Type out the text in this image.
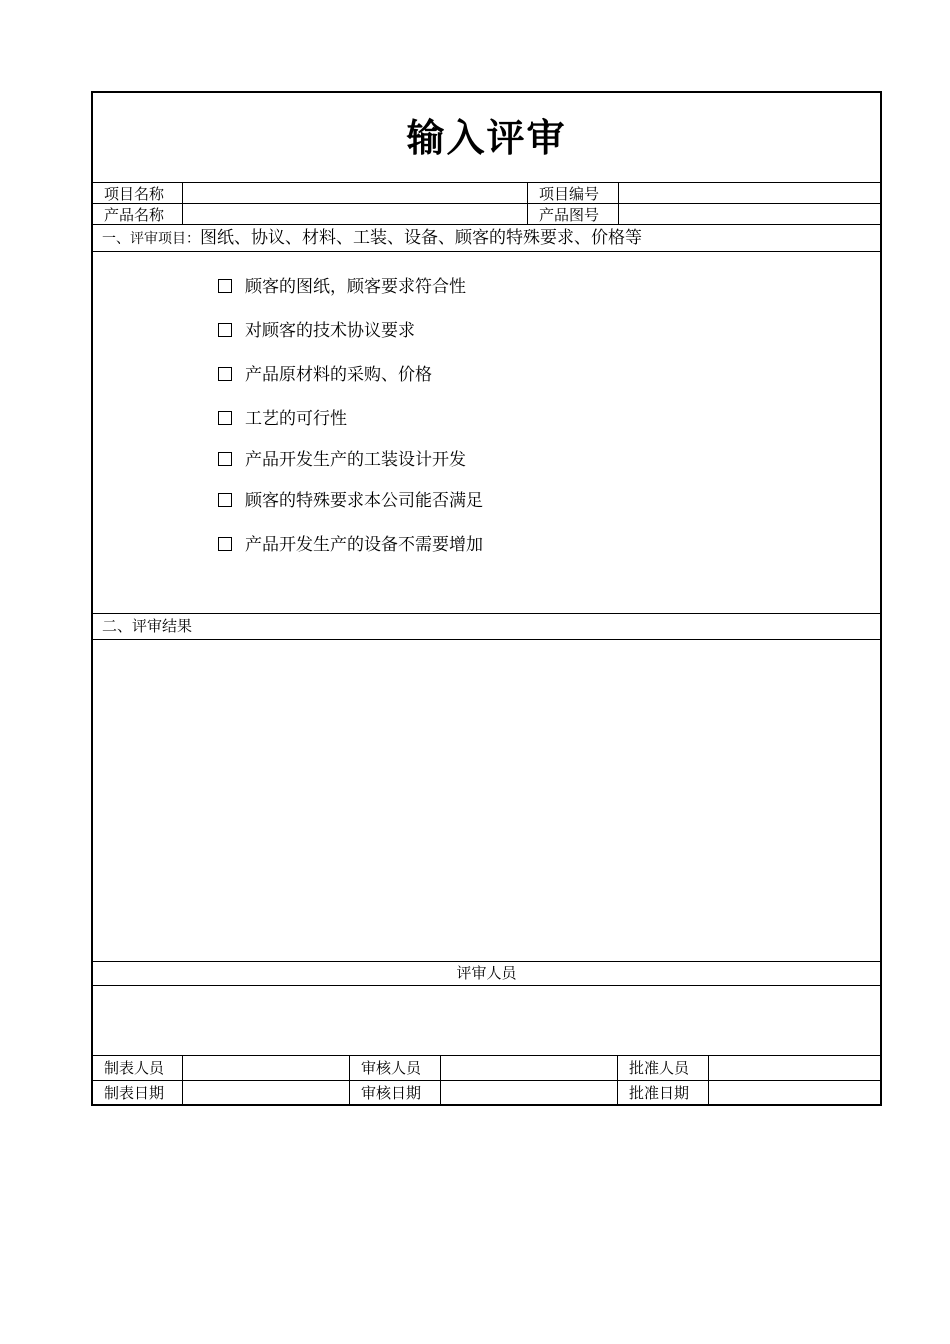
输入评审
项目名称	项目编号
产品名称	产品图号
一、评审项目：图纸、协议、材料、工装、设备、顾客的特殊要求、价格等
顾客的图纸，顾客要求符合性
对顾客的技术协议要求
产品原材料的采购、价格
工艺的可行性
产品开发生产的工装设计开发
顾客的特殊要求本公司能否满足
产品开发生产的设备不需要增加
二、评审结果
评审人员
制表人员	审核人员	批准人员
制表日期	审核日期	批准日期
